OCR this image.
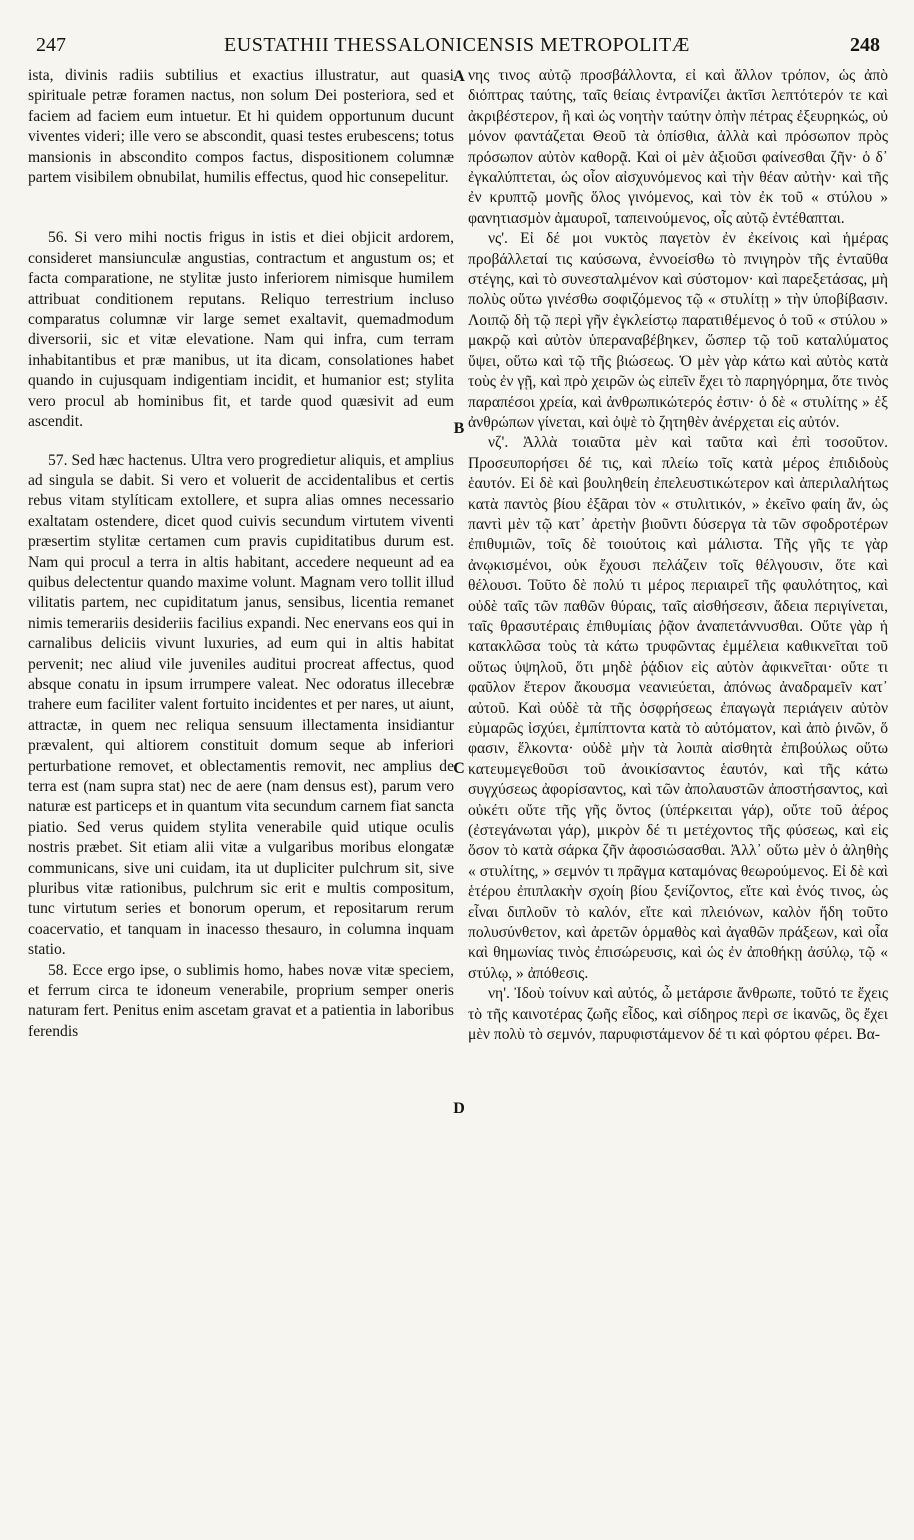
247	EUSTATHII THESSALONICENSIS METROPOLITÆ	248

ista, divinis radiis subtilius et exactius illustratur, aut quasi spirituale petræ foramen nactus, non solum Dei posteriora, sed et faciem ad faciem eum intuetur. Et hi quidem opportunum ducunt viventes videri; ille vero se abscondit, quasi testes erubescens; totus mansionis in abscondito compos factus, dispositionem columnæ partem visibilem obnubilat, humilis effectus, quod hic consepelitur.

56. Si vero mihi noctis frigus in istis et diei objicit ardorem, consideret mansiunculæ angustias, contractum et angustum os; et facta comparatione, ne stylitæ justo inferiorem nimisque humilem attribuat conditionem reputans. Reliquo terrestrium incluso comparatus columnæ vir large semet exaltavit, quemadmodum diversorii, sic et vitæ elevatione. Nam qui infra, cum terram inhabitantibus et præ manibus, ut ita dicam, consolationes habet quando in cujusquam indigentiam incidit, et humanior est; stylita vero procul ab hominibus fit, et tarde quod quæsivit ad eum ascendit.

57. Sed hæc hactenus. Ultra vero progredietur aliquis, et amplius ad singula se dabit. Si vero et voluerit de accidentalibus et certis rebus vitam stylíticam extollere, et supra alias omnes necessario exaltatam ostendere, dicet quod cuivis secundum virtutem viventi præsertim stylitæ certamen cum pravis cupiditatibus durum est. Nam qui procul a terra in altis habitant, accedere nequeunt ad ea quibus delectentur quando maxime volunt. Magnam vero tollit illud vilitatis partem, nec cupiditatum janus, sensibus, licentia remanet nimis temerariis desideriis facilius expandi. Nec enervans eos qui in carnalibus deliciis vivunt luxuries, ad eum qui in altis habitat pervenit; nec aliud vile juveniles auditui procreat affectus, quod absque conatu in ipsum irrumpere valeat. Nec odoratus illecebræ trahere eum faciliter valent fortuito incidentes et per nares, ut aiunt, attractæ, in quem nec reliqua sensuum illectamenta insidiantur prævalent, qui altiorem constituit domum seque ab inferiori perturbatione removet, et oblectamentis removit, nec amplius de terra est (nam supra stat) nec de aere (nam densus est), parum vero naturæ est particeps et in quantum vita secundum carnem fiat sancta piatio. Sed verus quidem stylita venerabile quid utique oculis nostris præbet. Sit etiam alii vitæ a vulgaribus moribus elongatæ communicans, sive uni cuidam, ita ut dupliciter pulchrum sit, sive pluribus vitæ rationibus, pulchrum sic erit e multis compositum, tunc virtutum series et bonorum operum, et repositarum rerum coacervatio, et tanquam in inacesso thesauro, in columna inquam statio.

58. Ecce ergo ipse, o sublimis homo, habes novæ vitæ speciem, et ferrum circa te idoneum venerabile, proprium semper oneris naturam fert. Penitus enim ascetam gravat et a patientia in laboribus ferendis

A
B
C
D

νης τινος αὐτῷ προσβάλλοντα, εἰ καὶ ἄλλον τρόπον, ὡς ἀπὸ διόπτρας ταύτης, ταῖς θείαις ἐντρανίζει ἀκτῖσι λεπτότερόν τε καὶ ἀκριβέστερον, ἢ καὶ ὡς νοητὴν ταύτην ὀπὴν πέτρας ἐξευρηκώς, οὐ μόνον φαντάζεται Θεοῦ τὰ ὀπίσθια, ἀλλὰ καὶ πρόσωπον πρὸς πρόσωπον αὐτὸν καθορᾷ. Καὶ οἱ μὲν ἀξιοῦσι φαίνεσθαι ζῆν· ὁ δ᾽ ἐγκαλύπτεται, ὡς οἷον αἰσχυνόμενος καὶ τὴν θέαν αὐτὴν· καὶ τῆς ἐν κρυπτῷ μονῆς ὅλος γινόμενος, καὶ τὸν ἐκ τοῦ « στύλου » φανητιασμὸν ἀμαυροῖ, ταπεινούμενος, οἷς αὐτῷ ἐντέθαπται.

νς'. Εἰ δέ μοι νυκτὸς παγετὸν ἐν ἐκείνοις καὶ ἡμέρας προβάλλεταί τις καύσωνα, ἐννοείσθω τὸ πνιγηρὸν τῆς ἐνταῦθα στέγης, καὶ τὸ συνεσταλμένον καὶ σύστομον· καὶ παρεξετάσας, μὴ πολὺς οὕτω γινέσθω σοφιζόμενος τῷ « στυλίτῃ » τὴν ὑποβίβασιν. Λοιπῷ δὴ τῷ περὶ γῆν ἐγκλείστῳ παρατιθέμενος ὁ τοῦ « στύλου » μακρῷ καὶ αὐτὸν ὑπεραναβέβηκεν, ὥσπερ τῷ τοῦ καταλύματος ὕψει, οὕτω καὶ τῷ τῆς βιώσεως. Ὁ μὲν γὰρ κάτω καὶ αὐτὸς κατὰ τοὺς ἐν γῇ, καὶ πρὸ χειρῶν ὡς εἰπεῖν ἔχει τὸ παρηγόρημα, ὅτε τινὸς παραπέσοι χρεία, καὶ ἀνθρωπικώτερός ἐστιν· ὁ δὲ « στυλίτης » ἐξ ἀνθρώπων γίνεται, καὶ ὀψὲ τὸ ζητηθὲν ἀνέρχεται εἰς αὐτόν.

νζ'. Ἀλλὰ τοιαῦτα μὲν καὶ ταῦτα καὶ ἐπὶ τοσοῦτον. Προσευπορήσει δέ τις, καὶ πλείω τοῖς κατὰ μέρος ἐπιδιδοὺς ἑαυτόν. Εἰ δὲ καὶ βουληθείη ἐπελευστικώτερον καὶ ἀπεριλαλήτως κατὰ παντὸς βίου ἐξᾶραι τὸν « στυλιτικόν, » ἐκεῖνο φαίη ἄν, ὡς παντὶ μὲν τῷ κατ᾽ ἀρετὴν βιοῦντι δύσεργα τὰ τῶν σφοδροτέρων ἐπιθυμιῶν, τοῖς δὲ τοιούτοις καὶ μάλιστα. Τῆς γῆς τε γὰρ ἀνῳκισμένοι, οὐκ ἔχουσι πελάζειν τοῖς θέλγουσιν, ὅτε καὶ θέλουσι. Τοῦτο δὲ πολύ τι μέρος περιαιρεῖ τῆς φαυλότητος, καὶ οὐδὲ ταῖς τῶν παθῶν θύραις, ταῖς αἰσθήσεσιν, ἄδεια περιγίνεται, ταῖς θρασυτέραις ἐπιθυμίαις ῥᾷον ἀναπετάννυσθαι. Οὔτε γὰρ ἡ κατακλῶσα τοὺς τὰ κάτω τρυφῶντας ἐμμέλεια καθικνεῖται τοῦ οὕτως ὑψηλοῦ, ὅτι μηδὲ ῥᾴδιον εἰς αὐτὸν ἀφικνεῖται· οὔτε τι φαῦλον ἕτερον ἄκουσμα νεανιεύεται, ἀπόνως ἀναδραμεῖν κατ᾽ αὐτοῦ. Καὶ οὐδὲ τὰ τῆς ὀσφρήσεως ἐπαγωγὰ περιάγειν αὐτὸν εὐμαρῶς ἰσχύει, ἐμπίπτοντα κατὰ τὸ αὐτόματον, καὶ ἀπὸ ῥινῶν, ὅ φασιν, ἕλκοντα· οὐδὲ μὴν τὰ λοιπὰ αἰσθητὰ ἐπιβούλως οὕτω κατευμεγεθοῦσι τοῦ ἀνοικίσαντος ἑαυτόν, καὶ τῆς κάτω συγχύσεως ἀφορίσαντος, καὶ τῶν ἀπολαυστῶν ἀποστήσαντος, καὶ οὐκέτι οὔτε τῆς γῆς ὄντος (ὑπέρκειται γάρ), οὔτε τοῦ ἀέρος (ἐστεγάνωται γάρ), μικρὸν δέ τι μετέχοντος τῆς φύσεως, καὶ εἰς ὅσον τὸ κατὰ σάρκα ζῆν ἀφοσιώσασθαι. Ἀλλ᾽ οὕτω μὲν ὁ ἀληθὴς « στυλίτης, » σεμνόν τι πρᾶγμα καταμόνας θεωρούμενος. Εἰ δὲ καὶ ἑτέρου ἐπιπλακὴν σχοίη βίου ξενίζοντος, εἴτε καὶ ἑνός τινος, ὡς εἶναι διπλοῦν τὸ καλόν, εἴτε καὶ πλειόνων, καλὸν ἤδη τοῦτο πολυσύνθετον, καὶ ἀρετῶν ὁρμαθὸς καὶ ἀγαθῶν πράξεων, καὶ οἷα καὶ θημωνίας τινὸς ἐπισώρευσις, καὶ ὡς ἐν ἀποθήκῃ ἀσύλῳ, τῷ « στύλῳ, » ἀπόθεσις.

νη'. Ἰδοὺ τοίνυν καὶ αὐτός, ὦ μετάρσιε ἄνθρωπε, τοῦτό τε ἔχεις τὸ τῆς καινοτέρας ζωῆς εἶδος, καὶ σίδηρος περὶ σε ἱκανῶς, ὃς ἔχει μὲν πολὺ τὸ σεμνόν, παρυφιστάμενον δέ τι καὶ φόρτου φέρει. Βα-
